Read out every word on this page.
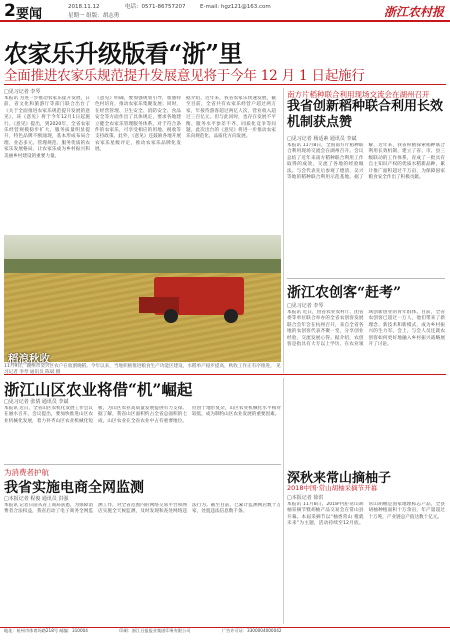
2 要闻	2018.11.12
星期一 组版：胡志勇
电话：0571-86757207	E-mail: hgz121@163.com	浙江农村报
农家乐升级版看“浙”里
全面推进农家乐规范提升发展意见将于今年 12 月 1 日起施行
□见习记者 李琴
本报讯 为进一步推动农家乐提升发展，日前，省文化和旅游厅等部门联合出台了《关于全面推进农家乐规范提升发展的意见》，该《意见》将于今年12月1日起施行。《意见》提出，到2020年，全省农家乐经营规模稳步扩大，服务质量明显提升，特色品牌不断涌现，基本形成布局合理、业态多元、管理规范、服务优质的农家乐发展格局，让农家乐成为乡村振兴和美丽乡村建设的重要力量。
《意见》明确，要加强规划引导，加强特色村培育，推动农家乐集聚发展；同时，在经营管理、卫生安全、消防安全、食品安全等方面作出了具体规定，要求各地建立健全农家乐管理服务体系。对于符合条件的农家乐，可享受相应的用地、税收等支持政策。此外，《意见》还鼓励各地开展农家乐星级评定，推动农家乐品牌化发展。
据介绍，近年来，我省农家乐快速发展，截至目前，全省共有农家乐经营户超过两万家，年接待游客超过两亿人次，营业收入超过三百亿元。但与此同时，也存在发展不平衡、服务水平参差不齐、同质化竞争等问题，此次出台的《意见》将进一步推动农家乐向规范化、品质化方向发展。
稻浪秋收
11月9日，湖州市吴兴区农户在收割晚稻。今年以来，当地积极推进粮食生产功能区建设，水稻单产稳步提高，秋收工作正有序推进。 见习记者 李琴 通讯员 陈斌 摄
南方片稻种联合利用现场交流会在湖州召开
我省创新稻种联合利用长效机制获点赞
□见习记者 杨适素 通讯员 李斌
本报讯 11月8日，全国南方片稻种联合利用现场交流会在湖州召开。会议总结了近年来南方稻种联合利用工作取得的成效，交流了各地的经验做法。与会代表先后参观了德清、吴兴等地的稻种联合利用示范基地。据了解，近年来，我省积极探索稻种联合利用长效机制，建立了省、市、县三级联动的工作体系，育成了一批具有自主知识产权的优质水稻新品种，累计推广面积超过千万亩，为保障国家粮食安全作出了积极贡献。
浙江农创客“赶考”
□见习记者 李琴
本报讯 近日，由省农业农村厅、团省委等单位联合举办的全省农创客发展联合会年会在杭州召开，来自全省各地的农创客代表齐聚一堂，分享创业经验，交流发展心得。据介绍，农创客是指具有大专以上学历、在农业领域创新创业的青年群体。目前，全省农创客已超过一万人，他们带来了新理念、新技术和新模式，成为乡村振兴的生力军。会上，与会人员还就农创客如何更好地融入乡村振兴战略展开了讨论。
浙江山区农业将借“机”崛起
□见习记者 张倩 通讯员 李斌
本报讯 近日，全省山区农机化发展工作会议在丽水召开。会议提出，要加快推进山区农业机械化发展，着力补齐山区农业机械化短板，为山区农业高质量发展提供有力支撑。据了解，我省山区面积约占全省总面积的七成，山区农业在全省农业中占有重要地位。但由于地形复杂，山区农业机械化水平相对较低，成为制约山区农业发展的重要因素。
为消费者护航
我省实施电商全网监测
□本报记者 程俊 通讯员 洪强
本报讯 记者日前从省工商局获悉，为保障消费者合法权益，我省启动了电子商务全网监测工作，对全省范围内的网络交易平台和网店实施全天候监测，及时发现和查处网络违法行为。截至目前，已累计监测网店数十万家，处置违法信息数千条。
深秋来常山摘柚子
2018中国·常山胡柚采摘节开幕
□本报记者 徐洪
本报讯 11月8日，2018中国·常山胡柚采摘节暨胡柚产品交易会在常山县开幕。本届采摘节以“柚香常山 橙就未来”为主题，活动持续至12月底。常山胡柚是国家地理标志产品，全县胡柚种植面积十万余亩，年产量超过十万吨，产业链总产值达数十亿元。
地址：杭州市体育场路218号 邮编：310004	印刷：浙江日报报业集团印务有限公司	广告许可证：3300004000042
